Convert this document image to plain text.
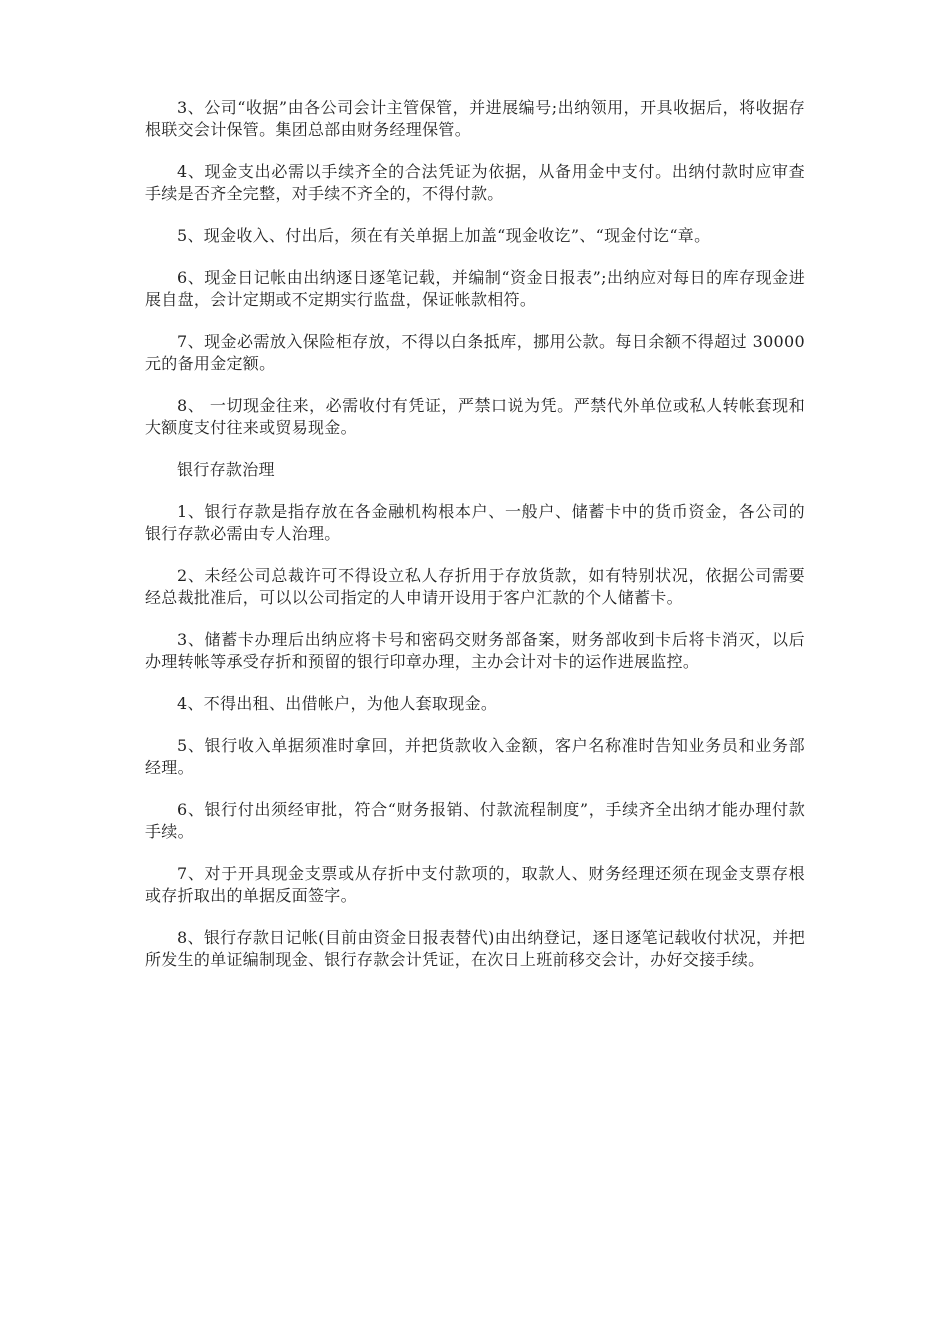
3、公司“收据”由各公司会计主管保管，并进展编号;出纳领用，开具收据后，将收据存根联交会计保管。集团总部由财务经理保管。

4、现金支出必需以手续齐全的合法凭证为依据，从备用金中支付。出纳付款时应审查手续是否齐全完整，对手续不齐全的，不得付款。

5、现金收入、付出后，须在有关单据上加盖“现金收讫”、“现金付讫“章。

6、现金日记帐由出纳逐日逐笔记载，并编制“资金日报表”;出纳应对每日的库存现金进展自盘，会计定期或不定期实行监盘，保证帐款相符。

7、现金必需放入保险柜存放，不得以白条抵库，挪用公款。每日余额不得超过 30000 元的备用金定额。

8、 一切现金往来，必需收付有凭证，严禁口说为凭。严禁代外单位或私人转帐套现和大额度支付往来或贸易现金。

银行存款治理

1、银行存款是指存放在各金融机构根本户、一般户、储蓄卡中的货币资金，各公司的银行存款必需由专人治理。

2、未经公司总裁许可不得设立私人存折用于存放货款，如有特别状况，依据公司需要经总裁批准后，可以以公司指定的人申请开设用于客户汇款的个人储蓄卡。

3、储蓄卡办理后出纳应将卡号和密码交财务部备案，财务部收到卡后将卡消灭，以后办理转帐等承受存折和预留的银行印章办理，主办会计对卡的运作进展监控。

4、不得出租、出借帐户，为他人套取现金。

5、银行收入单据须准时拿回，并把货款收入金额，客户名称准时告知业务员和业务部经理。

6、银行付出须经审批，符合“财务报销、付款流程制度”，手续齐全出纳才能办理付款手续。

7、对于开具现金支票或从存折中支付款项的，取款人、财务经理还须在现金支票存根或存折取出的单据反面签字。

8、银行存款日记帐(目前由资金日报表替代)由出纳登记，逐日逐笔记载收付状况，并把所发生的单证编制现金、银行存款会计凭证，在次日上班前移交会计，办好交接手续。
